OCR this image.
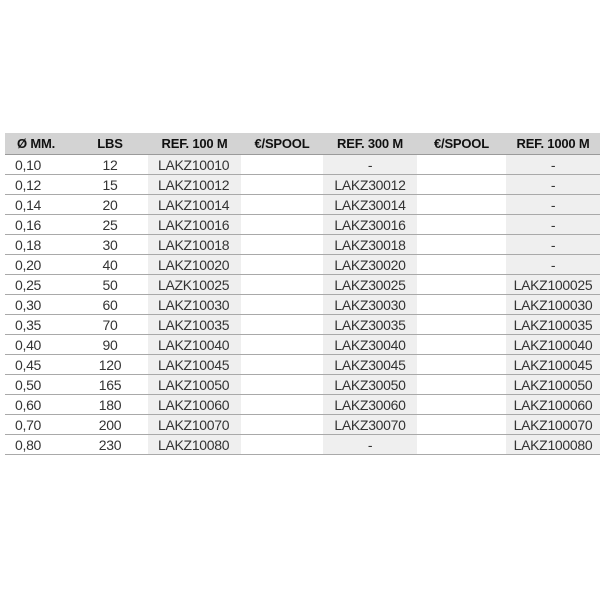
Ø MM.	LBS	REF. 100 M	€/SPOOL	REF. 300 M	€/SPOOL	REF. 1000 M
0,10	12	LAKZ10010		-		-
0,12	15	LAKZ10012		LAKZ30012		-
0,14	20	LAKZ10014		LAKZ30014		-
0,16	25	LAKZ10016		LAKZ30016		-
0,18	30	LAKZ10018		LAKZ30018		-
0,20	40	LAKZ10020		LAKZ30020		-
0,25	50	LAZK10025		LAKZ30025		LAKZ100025
0,30	60	LAKZ10030		LAKZ30030		LAKZ100030
0,35	70	LAKZ10035		LAKZ30035		LAKZ100035
0,40	90	LAKZ10040		LAKZ30040		LAKZ100040
0,45	120	LAKZ10045		LAKZ30045		LAKZ100045
0,50	165	LAKZ10050		LAKZ30050		LAKZ100050
0,60	180	LAKZ10060		LAKZ30060		LAKZ100060
0,70	200	LAKZ10070		LAKZ30070		LAKZ100070
0,80	230	LAKZ10080		-		LAKZ100080
